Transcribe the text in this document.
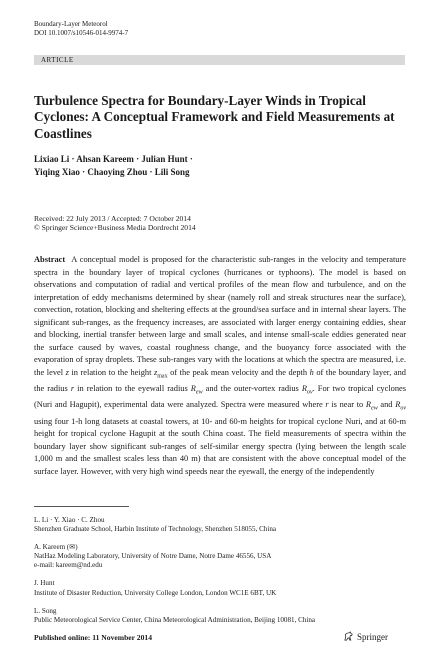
Boundary-Layer Meteorol
DOI 10.1007/s10546-014-9974-7
ARTICLE
Turbulence Spectra for Boundary-Layer Winds in Tropical Cyclones: A Conceptual Framework and Field Measurements at Coastlines
Lixiao Li · Ahsan Kareem · Julian Hunt ·
Yiqing Xiao · Chaoying Zhou · Lili Song
Received: 22 July 2013 / Accepted: 7 October 2014
© Springer Science+Business Media Dordrecht 2014
Abstract A conceptual model is proposed for the characteristic sub-ranges in the velocity and temperature spectra in the boundary layer of tropical cyclones (hurricanes or typhoons). The model is based on observations and computation of radial and vertical profiles of the mean flow and turbulence, and on the interpretation of eddy mechanisms determined by shear (namely roll and streak structures near the surface), convection, rotation, blocking and sheltering effects at the ground/sea surface and in internal shear layers. The significant sub-ranges, as the frequency increases, are associated with larger energy containing eddies, shear and blocking, inertial transfer between large and small scales, and intense small-scale eddies generated near the surface caused by waves, coastal roughness change, and the buoyancy force associated with the evaporation of spray droplets. These sub-ranges vary with the locations at which the spectra are measured, i.e. the level z in relation to the height $z_{max}$ of the peak mean velocity and the depth h of the boundary layer, and the radius r in relation to the eyewall radius $R_{ew}$ and the outer-vortex radius $R_{ov}$. For two tropical cyclones (Nuri and Hagupit), experimental data were analyzed. Spectra were measured where r is near to $R_{ew}$ and $R_{ov}$ using four 1-h long datasets at coastal towers, at 10- and 60-m heights for tropical cyclone Nuri, and at 60-m height for tropical cyclone Hagupit at the south China coast. The field measurements of spectra within the boundary layer show significant sub-ranges of self-similar energy spectra (lying between the length scale 1,000 m and the smallest scales less than 40 m) that are consistent with the above conceptual model of the surface layer. However, with very high wind speeds near the eyewall, the energy of the independently
L. Li · Y. Xiao · C. Zhou
Shenzhen Graduate School, Harbin Institute of Technology, Shenzhen 518055, China
A. Kareem (✉)
NatHaz Modeling Laboratory, University of Notre Dame, Notre Dame 46556, USA
e-mail: kareem@nd.edu
J. Hunt
Institute of Disaster Reduction, University College London, London WC1E 6BT, UK
L. Song
Public Meteorological Service Center, China Meteorological Administration, Beijing 10081, China
Published online: 11 November 2014	Springer
